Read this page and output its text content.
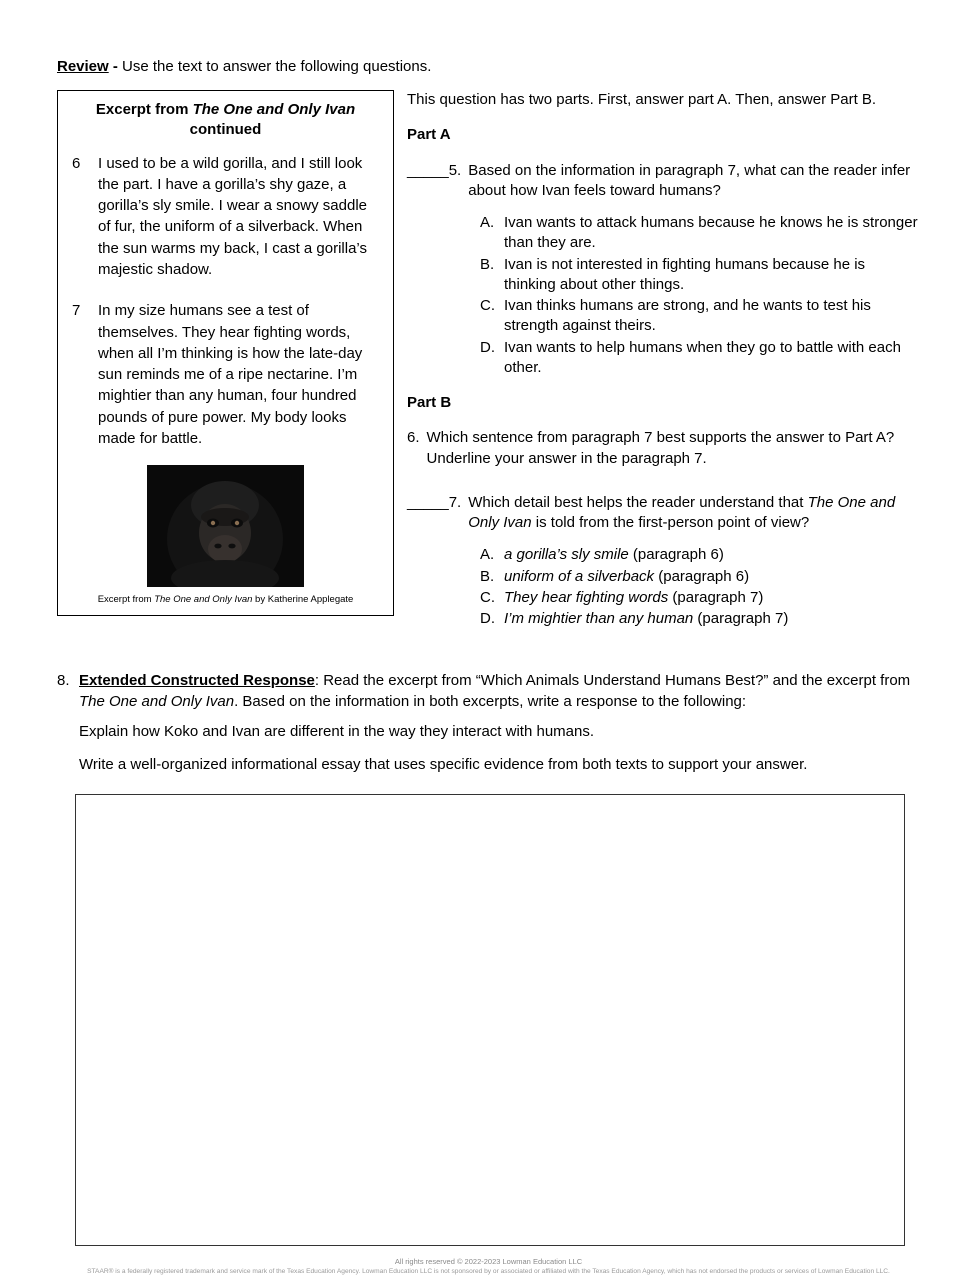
Review - Use the text to answer the following questions.
Excerpt from The One and Only Ivan
continued
6	I used to be a wild gorilla, and I still look the part. I have a gorilla’s shy gaze, a gorilla’s sly smile. I wear a snowy saddle of fur, the uniform of a silverback. When the sun warms my back, I cast a gorilla’s majestic shadow.
7	In my size humans see a test of themselves. They hear fighting words, when all I’m thinking is how the late-day sun reminds me of a ripe nectarine. I’m mightier than any human, four hundred pounds of pure power. My body looks made for battle.
Excerpt from The One and Only Ivan by Katherine Applegate

This question has two parts. First, answer part A. Then, answer Part B.

Part A

_____5. Based on the information in paragraph 7, what can the reader infer about how Ivan feels toward humans?
A. Ivan wants to attack humans because he knows he is stronger than they are.
B. Ivan is not interested in fighting humans because he is thinking about other things.
C. Ivan thinks humans are strong, and he wants to test his strength against theirs.
D. Ivan wants to help humans when they go to battle with each other.

Part B

6. Which sentence from paragraph 7 best supports the answer to Part A? Underline your answer in the paragraph 7.
_____7. Which detail best helps the reader understand that The One and Only Ivan is told from the first-person point of view?
A. a gorilla’s sly smile (paragraph 6)
B. uniform of a silverback (paragraph 6)
C. They hear fighting words (paragraph 7)
D. I’m mightier than any human (paragraph 7)
8. Extended Constructed Response: Read the excerpt from “Which Animals Understand Humans Best?” and the excerpt from The One and Only Ivan. Based on the information in both excerpts, write a response to the following:

Explain how Koko and Ivan are different in the way they interact with humans.

Write a well-organized informational essay that uses specific evidence from both texts to support your answer.

All rights reserved © 2022-2023 Lowman Education LLC
STAAR® is a federally registered trademark and service mark of the Texas Education Agency. Lowman Education LLC is not sponsored by or associated or affiliated with the Texas Education Agency, which has not endorsed the products or services of Lowman Education LLC.
